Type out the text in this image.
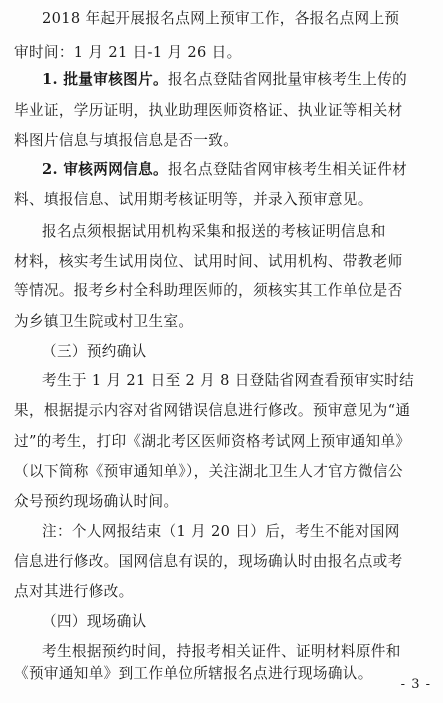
2018 年起开展报名点网上预审工作，各报名点网上预
审时间：1 月 21 日-1 月 26 日。
1. 批量审核图片。报名点登陆省网批量审核考生上传的
毕业证，学历证明，执业助理医师资格证、执业证等相关材
料图片信息与填报信息是否一致。
2. 审核两网信息。报名点登陆省网审核考生相关证件材
料、填报信息、试用期考核证明等，并录入预审意见。
报名点须根据试用机构采集和报送的考核证明信息和
材料，核实考生试用岗位、试用时间、试用机构、带教老师
等情况。报考乡村全科助理医师的，须核实其工作单位是否
为乡镇卫生院或村卫生室。
（三）预约确认
考生于 1 月 21 日至 2 月 8 日登陆省网查看预审实时结
果，根据提示内容对省网错误信息进行修改。预审意见为“通
过”的考生，打印《湖北考区医师资格考试网上预审通知单》
（以下简称《预审通知单》），关注湖北卫生人才官方微信公
众号预约现场确认时间。
注：个人网报结束（1 月 20 日）后，考生不能对国网
信息进行修改。国网信息有误的，现场确认时由报名点或考
点对其进行修改。
（四）现场确认
考生根据预约时间，持报考相关证件、证明材料原件和
《预审通知单》到工作单位所辖报名点进行现场确认。
- 3 -
